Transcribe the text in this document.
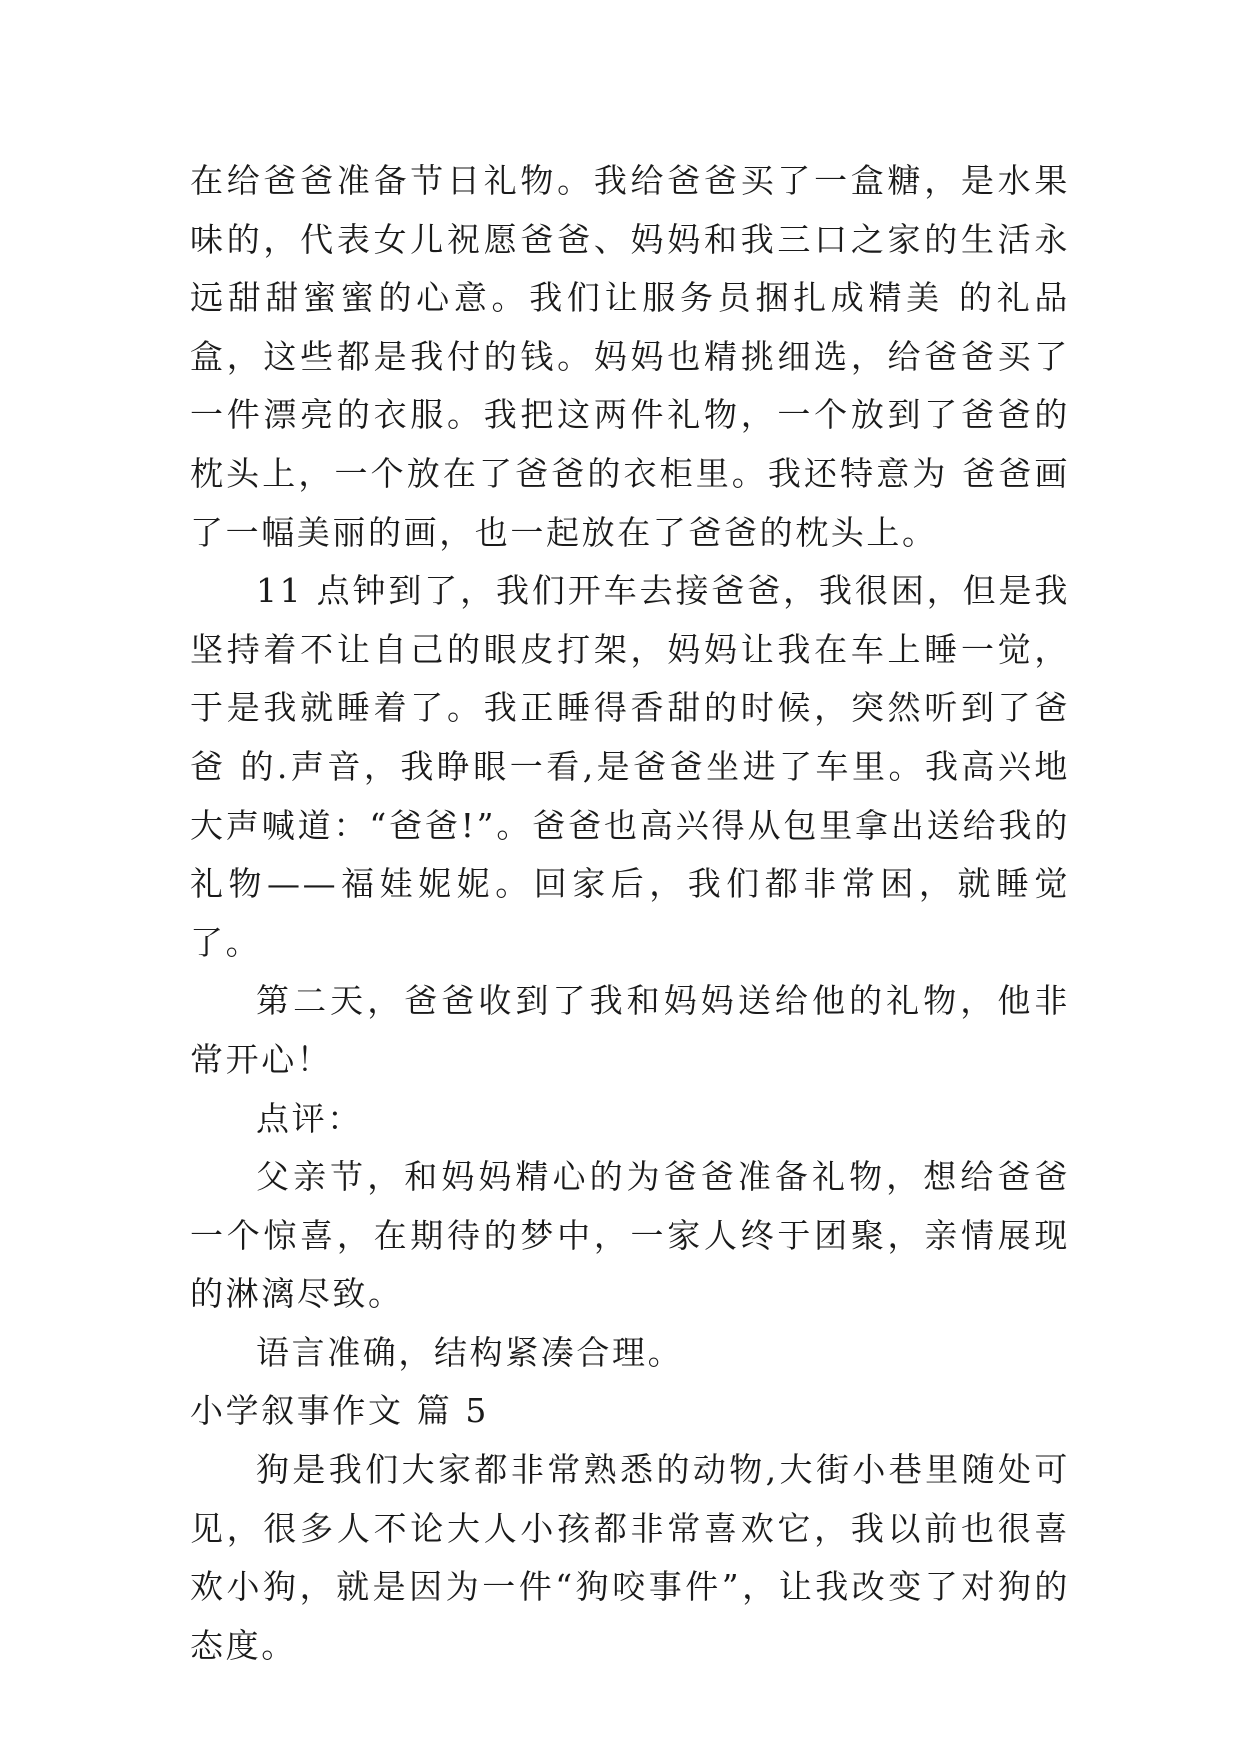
在给爸爸准备节日礼物。我给爸爸买了一盒糖，是水果味的，代表女儿祝愿爸爸、妈妈和我三口之家的生活永远甜甜蜜蜜的心意。我们让服务员捆扎成精美 的礼品盒，这些都是我付的钱。妈妈也精挑细选，给爸爸买了一件漂亮的衣服。我把这两件礼物，一个放到了爸爸的枕头上，一个放在了爸爸的衣柜里。我还特意为 爸爸画了一幅美丽的画，也一起放在了爸爸的枕头上。

11 点钟到了，我们开车去接爸爸，我很困，但是我坚持着不让自己的眼皮打架，妈妈让我在车上睡一觉，于是我就睡着了。我正睡得香甜的时候，突然听到了爸爸 的.声音，我睁眼一看,是爸爸坐进了车里。我高兴地大声喊道：“爸爸!”。爸爸也高兴得从包里拿出送给我的礼物——福娃妮妮。回家后，我们都非常困，就睡觉 了。

第二天，爸爸收到了我和妈妈送给他的礼物，他非常开心！

点评：

父亲节，和妈妈精心的为爸爸准备礼物，想给爸爸一个惊喜，在期待的梦中，一家人终于团聚，亲情展现的淋漓尽致。

语言准确，结构紧凑合理。

小学叙事作文 篇 5

狗是我们大家都非常熟悉的动物,大街小巷里随处可见，很多人不论大人小孩都非常喜欢它，我以前也很喜欢小狗，就是因为一件“狗咬事件”，让我改变了对狗的态度。
